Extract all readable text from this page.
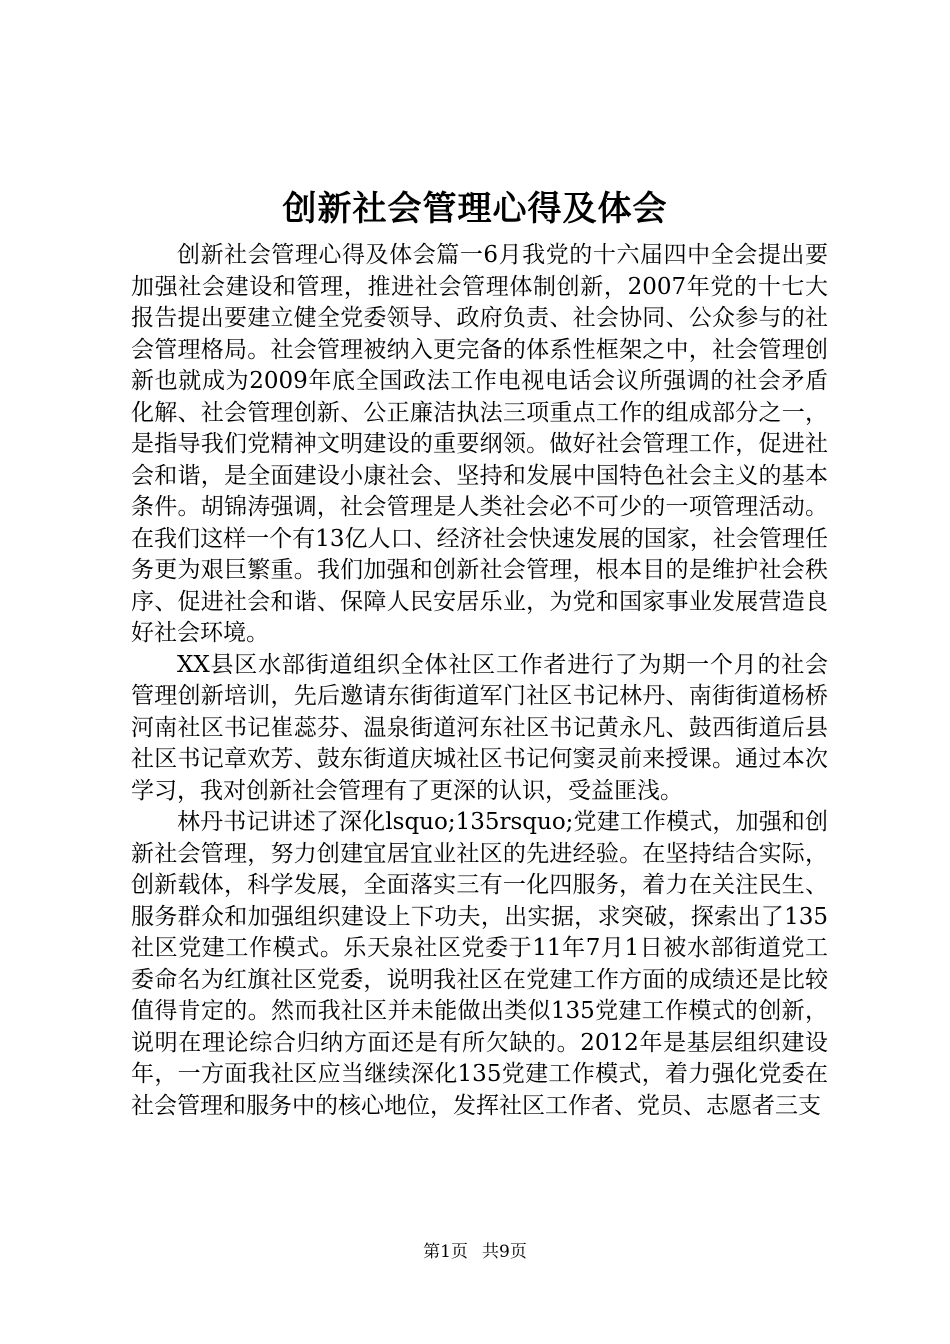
创新社会管理心得及体会

创新社会管理心得及体会篇一6月我党的十六届四中全会提出要加强社会建设和管理，推进社会管理体制创新，2007年党的十七大报告提出要建立健全党委领导、政府负责、社会协同、公众参与的社会管理格局。社会管理被纳入更完备的体系性框架之中，社会管理创新也就成为2009年底全国政法工作电视电话会议所强调的社会矛盾化解、社会管理创新、公正廉洁执法三项重点工作的组成部分之一，是指导我们党精神文明建设的重要纲领。做好社会管理工作，促进社会和谐，是全面建设小康社会、坚持和发展中国特色社会主义的基本条件。胡锦涛强调，社会管理是人类社会必不可少的一项管理活动。在我们这样一个有13亿人口、经济社会快速发展的国家，社会管理任务更为艰巨繁重。我们加强和创新社会管理，根本目的是维护社会秩序、促进社会和谐、保障人民安居乐业，为党和国家事业发展营造良好社会环境。

XX县区水部街道组织全体社区工作者进行了为期一个月的社会管理创新培训，先后邀请东街街道军门社区书记林丹、南街街道杨桥河南社区书记崔蕊芬、温泉街道河东社区书记黄永凡、鼓西街道后县社区书记章欢芳、鼓东街道庆城社区书记何窦灵前来授课。通过本次学习，我对创新社会管理有了更深的认识，受益匪浅。

林丹书记讲述了深化lsquo;135rsquo;党建工作模式，加强和创新社会管理，努力创建宜居宜业社区的先进经验。在坚持结合实际，创新载体，科学发展，全面落实三有一化四服务，着力在关注民生、服务群众和加强组织建设上下功夫，出实据，求突破，探索出了135社区党建工作模式。乐天泉社区党委于11年7月1日被水部街道党工委命名为红旗社区党委，说明我社区在党建工作方面的成绩还是比较值得肯定的。然而我社区并未能做出类似135党建工作模式的创新，说明在理论综合归纳方面还是有所欠缺的。2012年是基层组织建设年，一方面我社区应当继续深化135党建工作模式，着力强化党委在社会管理和服务中的核心地位，发挥社区工作者、党员、志愿者三支

第1页 共9页
